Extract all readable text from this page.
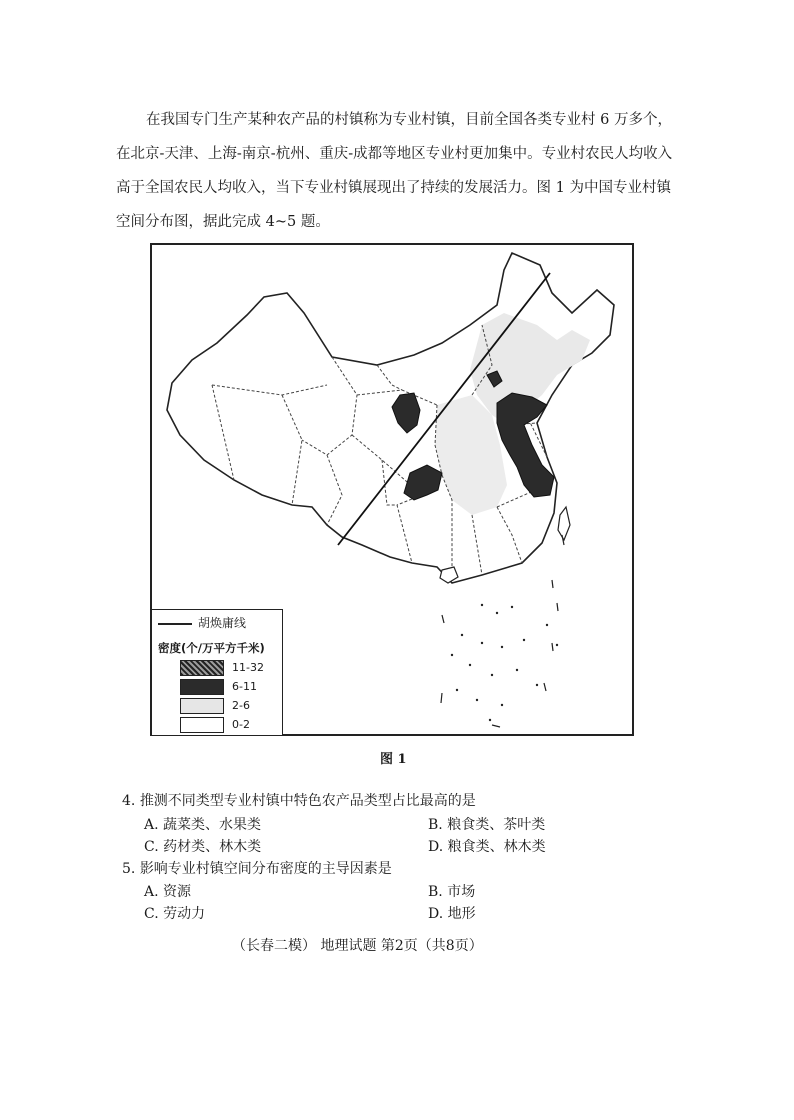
在我国专门生产某种农产品的村镇称为专业村镇，目前全国各类专业村 6 万多个，
在北京-天津、上海-南京-杭州、重庆-成都等地区专业村更加集中。专业村农民人均收入
高于全国农民人均收入，当下专业村镇展现出了持续的发展活力。图 1 为中国专业村镇
空间分布图，据此完成 4~5 题。
胡焕庸线
密度(个/万平方千米)
11-32
6-11
2-6
0-2
图 1
4. 推测不同类型专业村镇中特色农产品类型占比最高的是
A. 蔬菜类、水果类	B. 粮食类、茶叶类
C. 药材类、林木类	D. 粮食类、林木类
5. 影响专业村镇空间分布密度的主导因素是
A. 资源	B. 市场
C. 劳动力	D. 地形
（长春二模） 地理试题 第2页（共8页）
